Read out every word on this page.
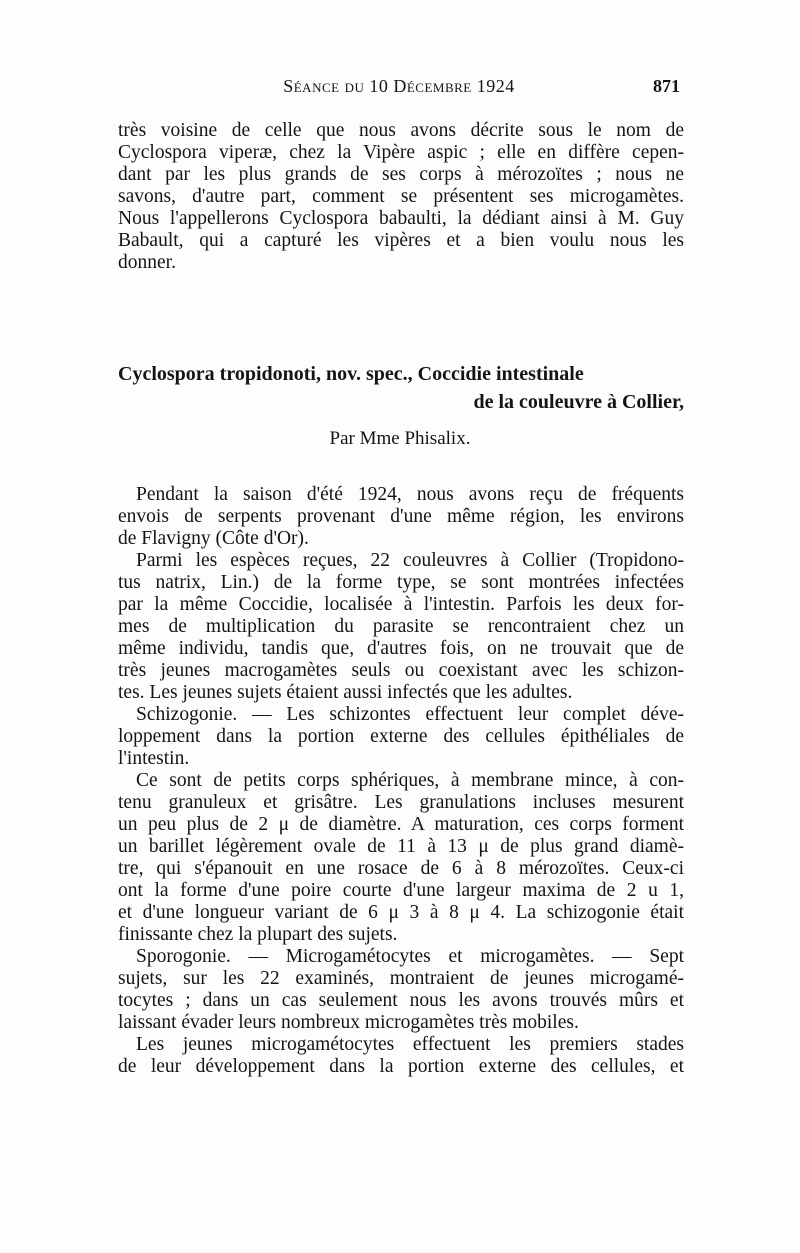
Séance du 10 Décembre 1924	871
très voisine de celle que nous avons décrite sous le nom de
Cyclospora viperæ, chez la Vipère aspic ; elle en diffère cepen-
dant par les plus grands de ses corps à mérozoïtes ; nous ne
savons, d'autre part, comment se présentent ses microgamètes.
Nous l'appellerons Cyclospora babaulti, la dédiant ainsi à M. Guy
Babault, qui a capturé les vipères et a bien voulu nous les
donner.
Cyclospora tropidonoti, nov. spec., Coccidie intestinale
de la couleuvre à Collier,
Par Mme Phisalix.
Pendant la saison d'été 1924, nous avons reçu de fréquents
envois de serpents provenant d'une même région, les environs
de Flavigny (Côte d'Or).
Parmi les espèces reçues, 22 couleuvres à Collier (Tropidono-
tus natrix, Lin.) de la forme type, se sont montrées infectées
par la même Coccidie, localisée à l'intestin. Parfois les deux for-
mes de multiplication du parasite se rencontraient chez un
même individu, tandis que, d'autres fois, on ne trouvait que de
très jeunes macrogamètes seuls ou coexistant avec les schizon-
tes. Les jeunes sujets étaient aussi infectés que les adultes.
Schizogonie. — Les schizontes effectuent leur complet déve-
loppement dans la portion externe des cellules épithéliales de
l'intestin.
Ce sont de petits corps sphériques, à membrane mince, à con-
tenu granuleux et grisâtre. Les granulations incluses mesurent
un peu plus de 2 μ de diamètre. A maturation, ces corps forment
un barillet légèrement ovale de 11 à 13 μ de plus grand diamè-
tre, qui s'épanouit en une rosace de 6 à 8 mérozoïtes. Ceux-ci
ont la forme d'une poire courte d'une largeur maxima de 2 u 1,
et d'une longueur variant de 6 μ 3 à 8 μ 4. La schizogonie était
finissante chez la plupart des sujets.
Sporogonie. — Microgamétocytes et microgamètes. — Sept
sujets, sur les 22 examinés, montraient de jeunes microgamé-
tocytes ; dans un cas seulement nous les avons trouvés mûrs et
laissant évader leurs nombreux microgamètes très mobiles.
Les jeunes microgamétocytes effectuent les premiers stades
de leur développement dans la portion externe des cellules, et
